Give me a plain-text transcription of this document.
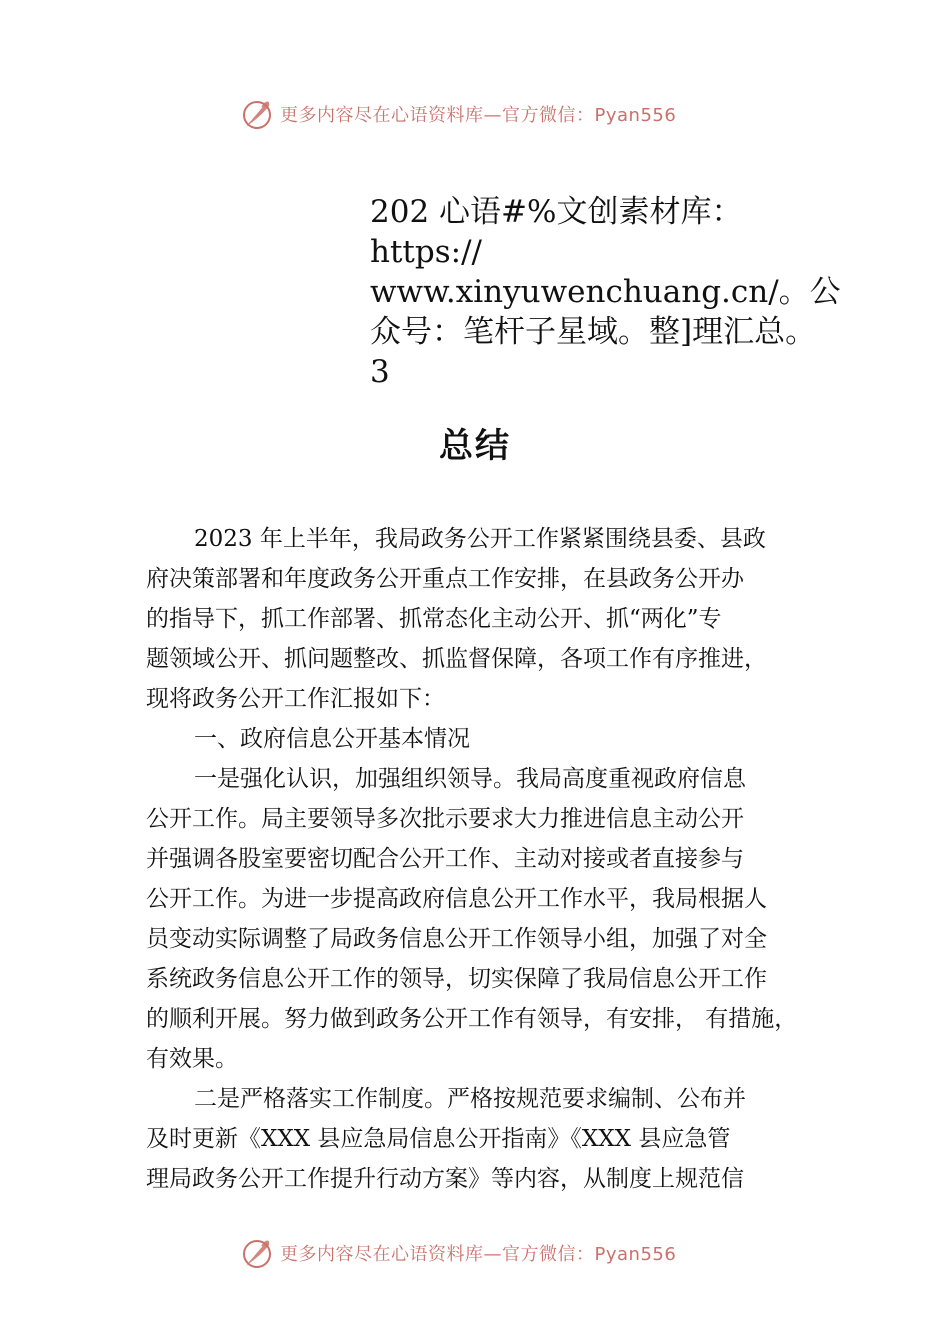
更多内容尽在心语资料库—官方微信：Pyan556
202 心语#%文创素材库：
https://
www.xinyuwenchuang.cn/。公
众号：笔杆子星域。整]理汇总。
3
总结
2023 年上半年，我局政务公开工作紧紧围绕县委、县政
府决策部署和年度政务公开重点工作安排，在县政务公开办
的指导下，抓工作部署、抓常态化主动公开、抓“两化”专
题领域公开、抓问题整改、抓监督保障，各项工作有序推进，
现将政务公开工作汇报如下：
一、政府信息公开基本情况
一是强化认识，加强组织领导。我局高度重视政府信息
公开工作。局主要领导多次批示要求大力推进信息主动公开
并强调各股室要密切配合公开工作、主动对接或者直接参与
公开工作。为进一步提高政府信息公开工作水平，我局根据人
员变动实际调整了局政务信息公开工作领导小组，加强了对全
系统政务信息公开工作的领导，切实保障了我局信息公开工作
的顺利开展。努力做到政务公开工作有领导，有安排， 有措施，
有效果。
二是严格落实工作制度。严格按规范要求编制、公布并
及时更新《XXX 县应急局信息公开指南》《XXX 县应急管
理局政务公开工作提升行动方案》等内容，从制度上规范信
更多内容尽在心语资料库—官方微信：Pyan556
